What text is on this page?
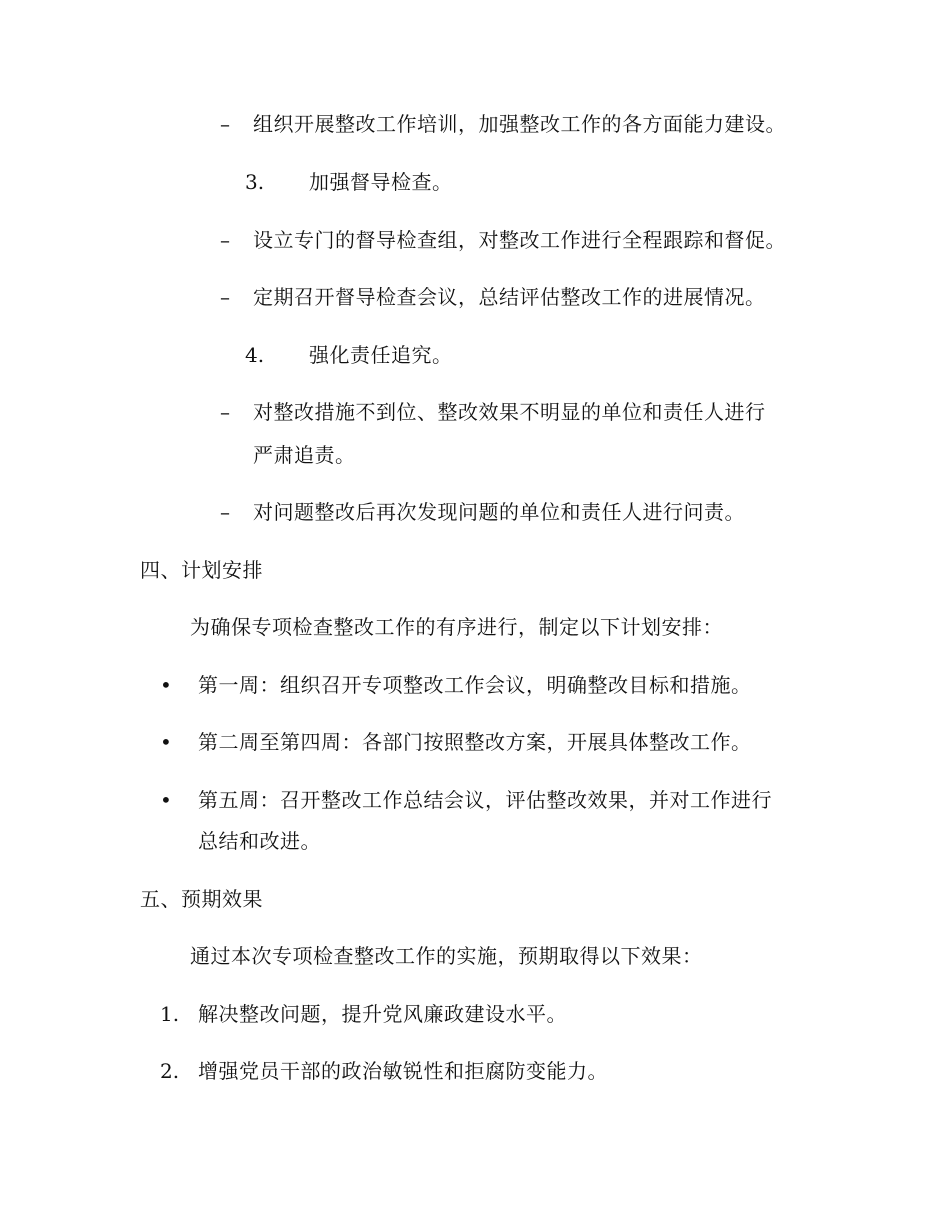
– 组织开展整改工作培训，加强整改工作的各方面能力建设。
3. 加强督导检查。
– 设立专门的督导检查组，对整改工作进行全程跟踪和督促。
– 定期召开督导检查会议，总结评估整改工作的进展情况。
4. 强化责任追究。
– 对整改措施不到位、整改效果不明显的单位和责任人进行
严肃追责。
– 对问题整改后再次发现问题的单位和责任人进行问责。
四、计划安排
为确保专项检查整改工作的有序进行，制定以下计划安排：
• 第一周：组织召开专项整改工作会议，明确整改目标和措施。
• 第二周至第四周：各部门按照整改方案，开展具体整改工作。
• 第五周：召开整改工作总结会议，评估整改效果，并对工作进行
总结和改进。
五、预期效果
通过本次专项检查整改工作的实施，预期取得以下效果：
1. 解决整改问题，提升党风廉政建设水平。
2. 增强党员干部的政治敏锐性和拒腐防变能力。
